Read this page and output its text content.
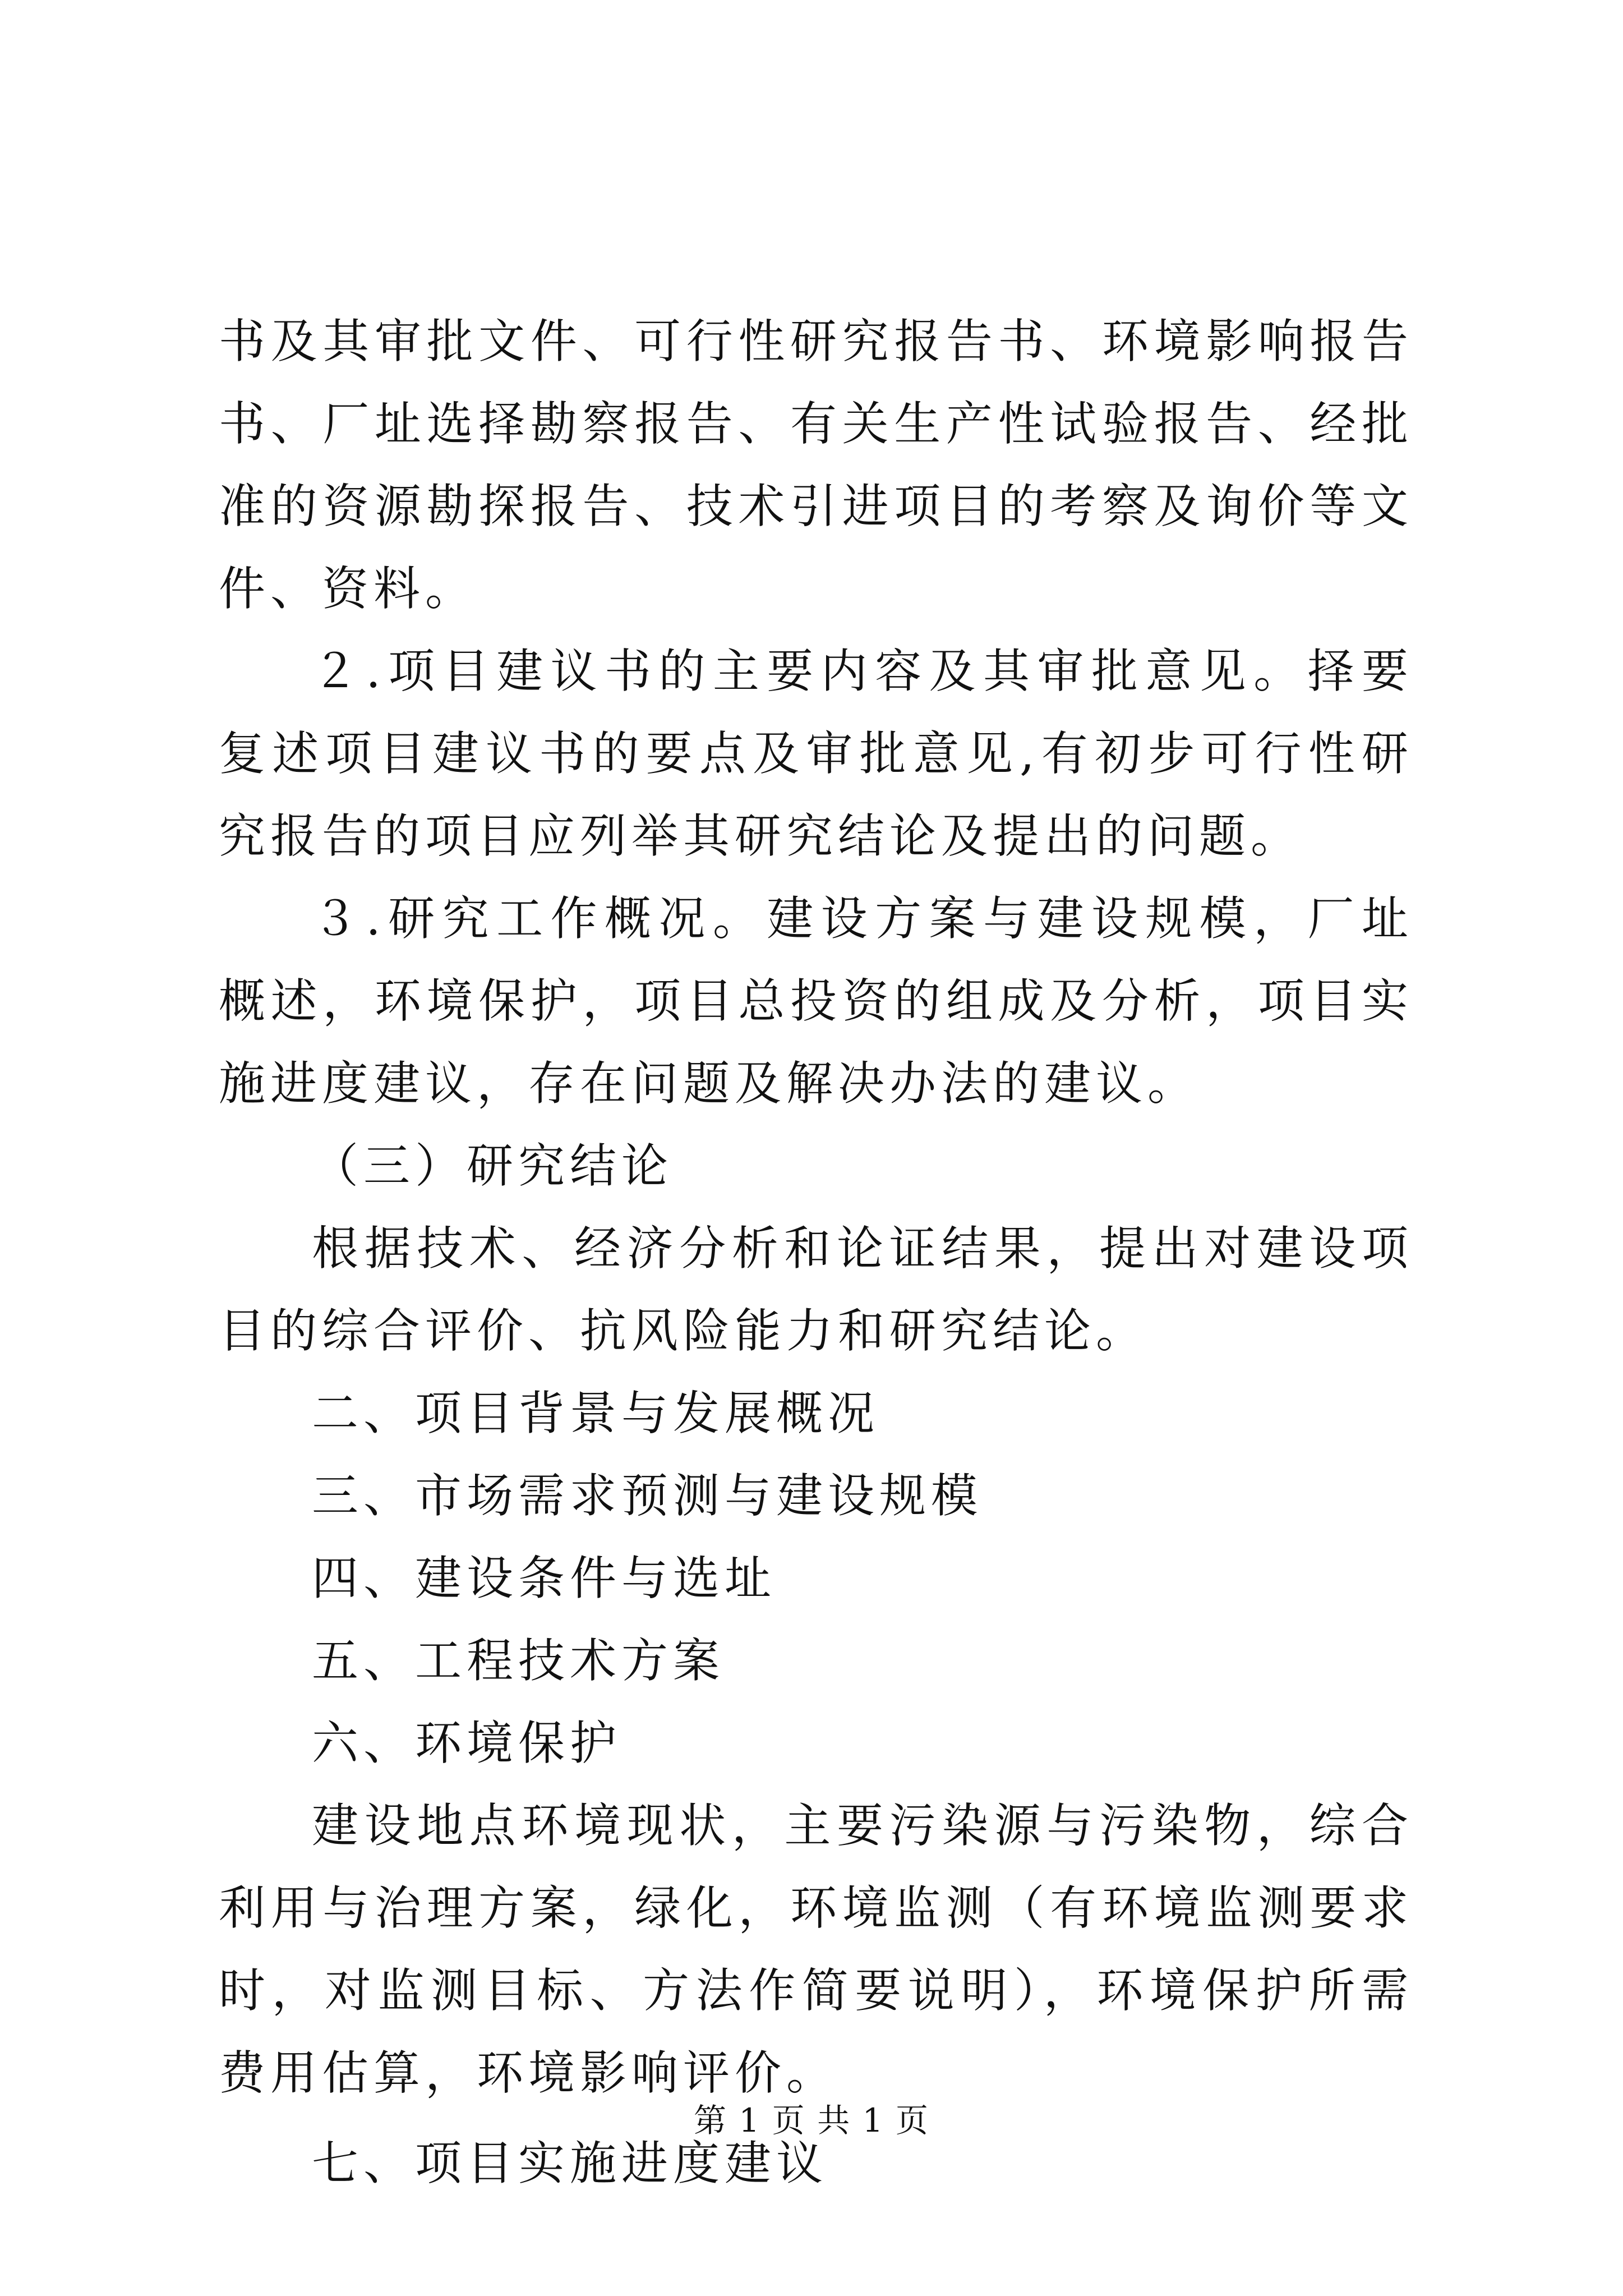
书及其审批文件、可行性研究报告书、环境影响报告书、厂址选择勘察报告、有关生产性试验报告、经批准的资源勘探报告、技术引进项目的考察及询价等文件、资料。

２.项目建议书的主要内容及其审批意见。择要复述项目建议书的要点及审批意见,有初步可行性研究报告的项目应列举其研究结论及提出的问题。

３.研究工作概况。建设方案与建设规模，厂址概述，环境保护，项目总投资的组成及分析，项目实施进度建议，存在问题及解决办法的建议。

（三）研究结论

根据技术、经济分析和论证结果，提出对建设项目的综合评价、抗风险能力和研究结论。

二、项目背景与发展概况

三、市场需求预测与建设规模

四、建设条件与选址

五、工程技术方案

六、环境保护

建设地点环境现状，主要污染源与污染物，综合利用与治理方案，绿化，环境监测（有环境监测要求时，对监测目标、方法作简要说明），环境保护所需费用估算，环境影响评价。

七、项目实施进度建议

第 1 页 共 1 页
